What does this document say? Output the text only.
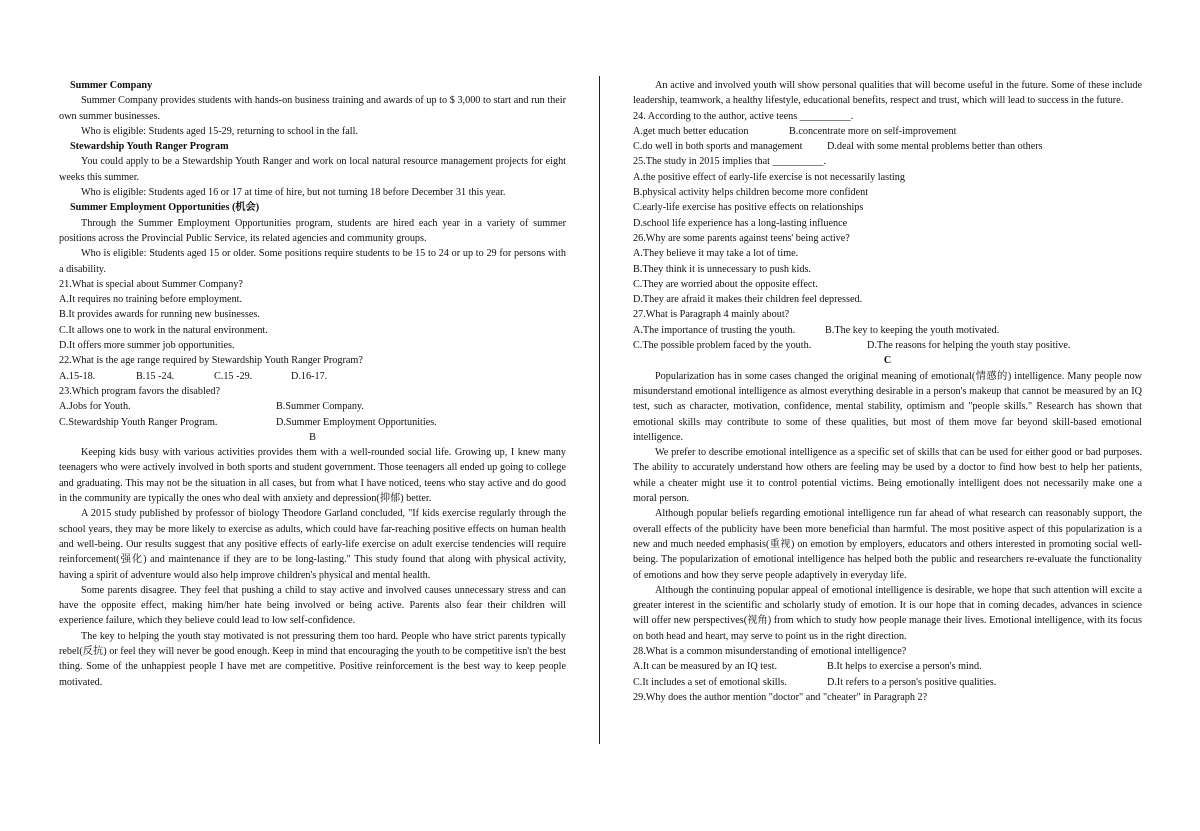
Summer Company

Summer Company provides students with hands-on business training and awards of up to $ 3,000 to start and run their own summer businesses.

Who is eligible: Students aged 15-29, returning to school in the fall.

Stewardship Youth Ranger Program

You could apply to be a Stewardship Youth Ranger and work on local natural resource management projects for eight weeks this summer.

Who is eligible: Students aged 16 or 17 at time of hire, but not turning 18 before December 31 this year.

Summer Employment Opportunities (机会)

Through the Summer Employment Opportunities program, students are hired each year in a variety of summer positions across the Provincial Public Service, its related agencies and community groups.

Who is eligible: Students aged 15 or older. Some positions require students to be 15 to 24 or up to 29 for persons with a disability.

21.What is special about Summer Company?

A.It requires no training before employment.

B.It provides awards for running new businesses.

C.It allows one to work in the natural environment.

D.It offers more summer job opportunities.

22.What is the age range required by Stewardship Youth Ranger Program?

A.15-18.	B.15 -24.	C.15 -29.	D.16-17.

23.Which program favors the disabled?

A.Jobs for Youth.	B.Summer Company.
C.Stewardship Youth Ranger Program.	D.Summer Employment Opportunities.

B

Keeping kids busy with various activities provides them with a well-rounded social life. Growing up, I knew many teenagers who were actively involved in both sports and student government. Those teenagers all ended up going to college and graduating. This may not be the situation in all cases, but from what I have noticed, teens who stay active and do good in the community are typically the ones who deal with anxiety and depression(抑郁) better.

A 2015 study published by professor of biology Theodore Garland concluded, "If kids exercise regularly through the school years, they may be more likely to exercise as adults, which could have far-reaching positive effects on human health and well-being. Our results suggest that any positive effects of early-life exercise on adult exercise tendencies will require reinforcement(强化) and maintenance if they are to be long-lasting." This study found that along with physical activity, having a spirit of adventure would also help improve children's physical and mental health.

Some parents disagree. They feel that pushing a child to stay active and involved causes unnecessary stress and can have the opposite effect, making him/her hate being involved or being active. Parents also fear their children will experience failure, which they believe could lead to low self-confidence.

The key to helping the youth stay motivated is not pressuring them too hard. People who have strict parents typically rebel(反抗) or feel they will never be good enough. Keep in mind that encouraging the youth to be competitive isn't the best thing. Some of the unhappiest people I have met are competitive. Positive reinforcement is the best way to keep people motivated.

An active and involved youth will show personal qualities that will become useful in the future. Some of these include leadership, teamwork, a healthy lifestyle, educational benefits, respect and trust, which will lead to success in the future.

24. According to the author, active teens __________.

A.get much better education	B.concentrate more on self-improvement
C.do well in both sports and management	D.deal with some mental problems better than others

25.The study in 2015 implies that __________.

A.the positive effect of early-life exercise is not necessarily lasting

B.physical activity helps children become more confident

C.early-life exercise has positive effects on relationships

D.school life experience has a long-lasting influence

26.Why are some parents against teens' being active?

A.They believe it may take a lot of time.

B.They think it is unnecessary to push kids.

C.They are worried about the opposite effect.

D.They are afraid it makes their children feel depressed.

27.What is Paragraph 4 mainly about?

A.The importance of trusting the youth.	B.The key to keeping the youth motivated.
C.The possible problem faced by the youth.	D.The reasons for helping the youth stay positive.

C

Popularization has in some cases changed the original meaning of emotional(情感的) intelligence. Many people now misunderstand emotional intelligence as almost everything desirable in a person's makeup that cannot be measured by an IQ test, such as character, motivation, confidence, mental stability, optimism and "people skills." Research has shown that emotional skills may contribute to some of these qualities, but most of them move far beyond skill-based emotional intelligence.

We prefer to describe emotional intelligence as a specific set of skills that can be used for either good or bad purposes. The ability to accurately understand how others are feeling may be used by a doctor to find how best to help her patients, while a cheater might use it to control potential victims. Being emotionally intelligent does not necessarily make one a moral person.

Although popular beliefs regarding emotional intelligence run far ahead of what research can reasonably support, the overall effects of the publicity have been more beneficial than harmful. The most positive aspect of this popularization is a new and much needed emphasis(重视) on emotion by employers, educators and others interested in promoting social well-being. The popularization of emotional intelligence has helped both the public and researchers re-evaluate the functionality of emotions and how they serve people adaptively in everyday life.

Although the continuing popular appeal of emotional intelligence is desirable, we hope that such attention will excite a greater interest in the scientific and scholarly study of emotion. It is our hope that in coming decades, advances in science will offer new perspectives(视角) from which to study how people manage their lives. Emotional intelligence, with its focus on both head and heart, may serve to point us in the right direction.

28.What is a common misunderstanding of emotional intelligence?

A.It can be measured by an IQ test.	B.It helps to exercise a person's mind.
C.It includes a set of emotional skills.	D.It refers to a person's positive qualities.

29.Why does the author mention "doctor" and "cheater" in Paragraph 2?
